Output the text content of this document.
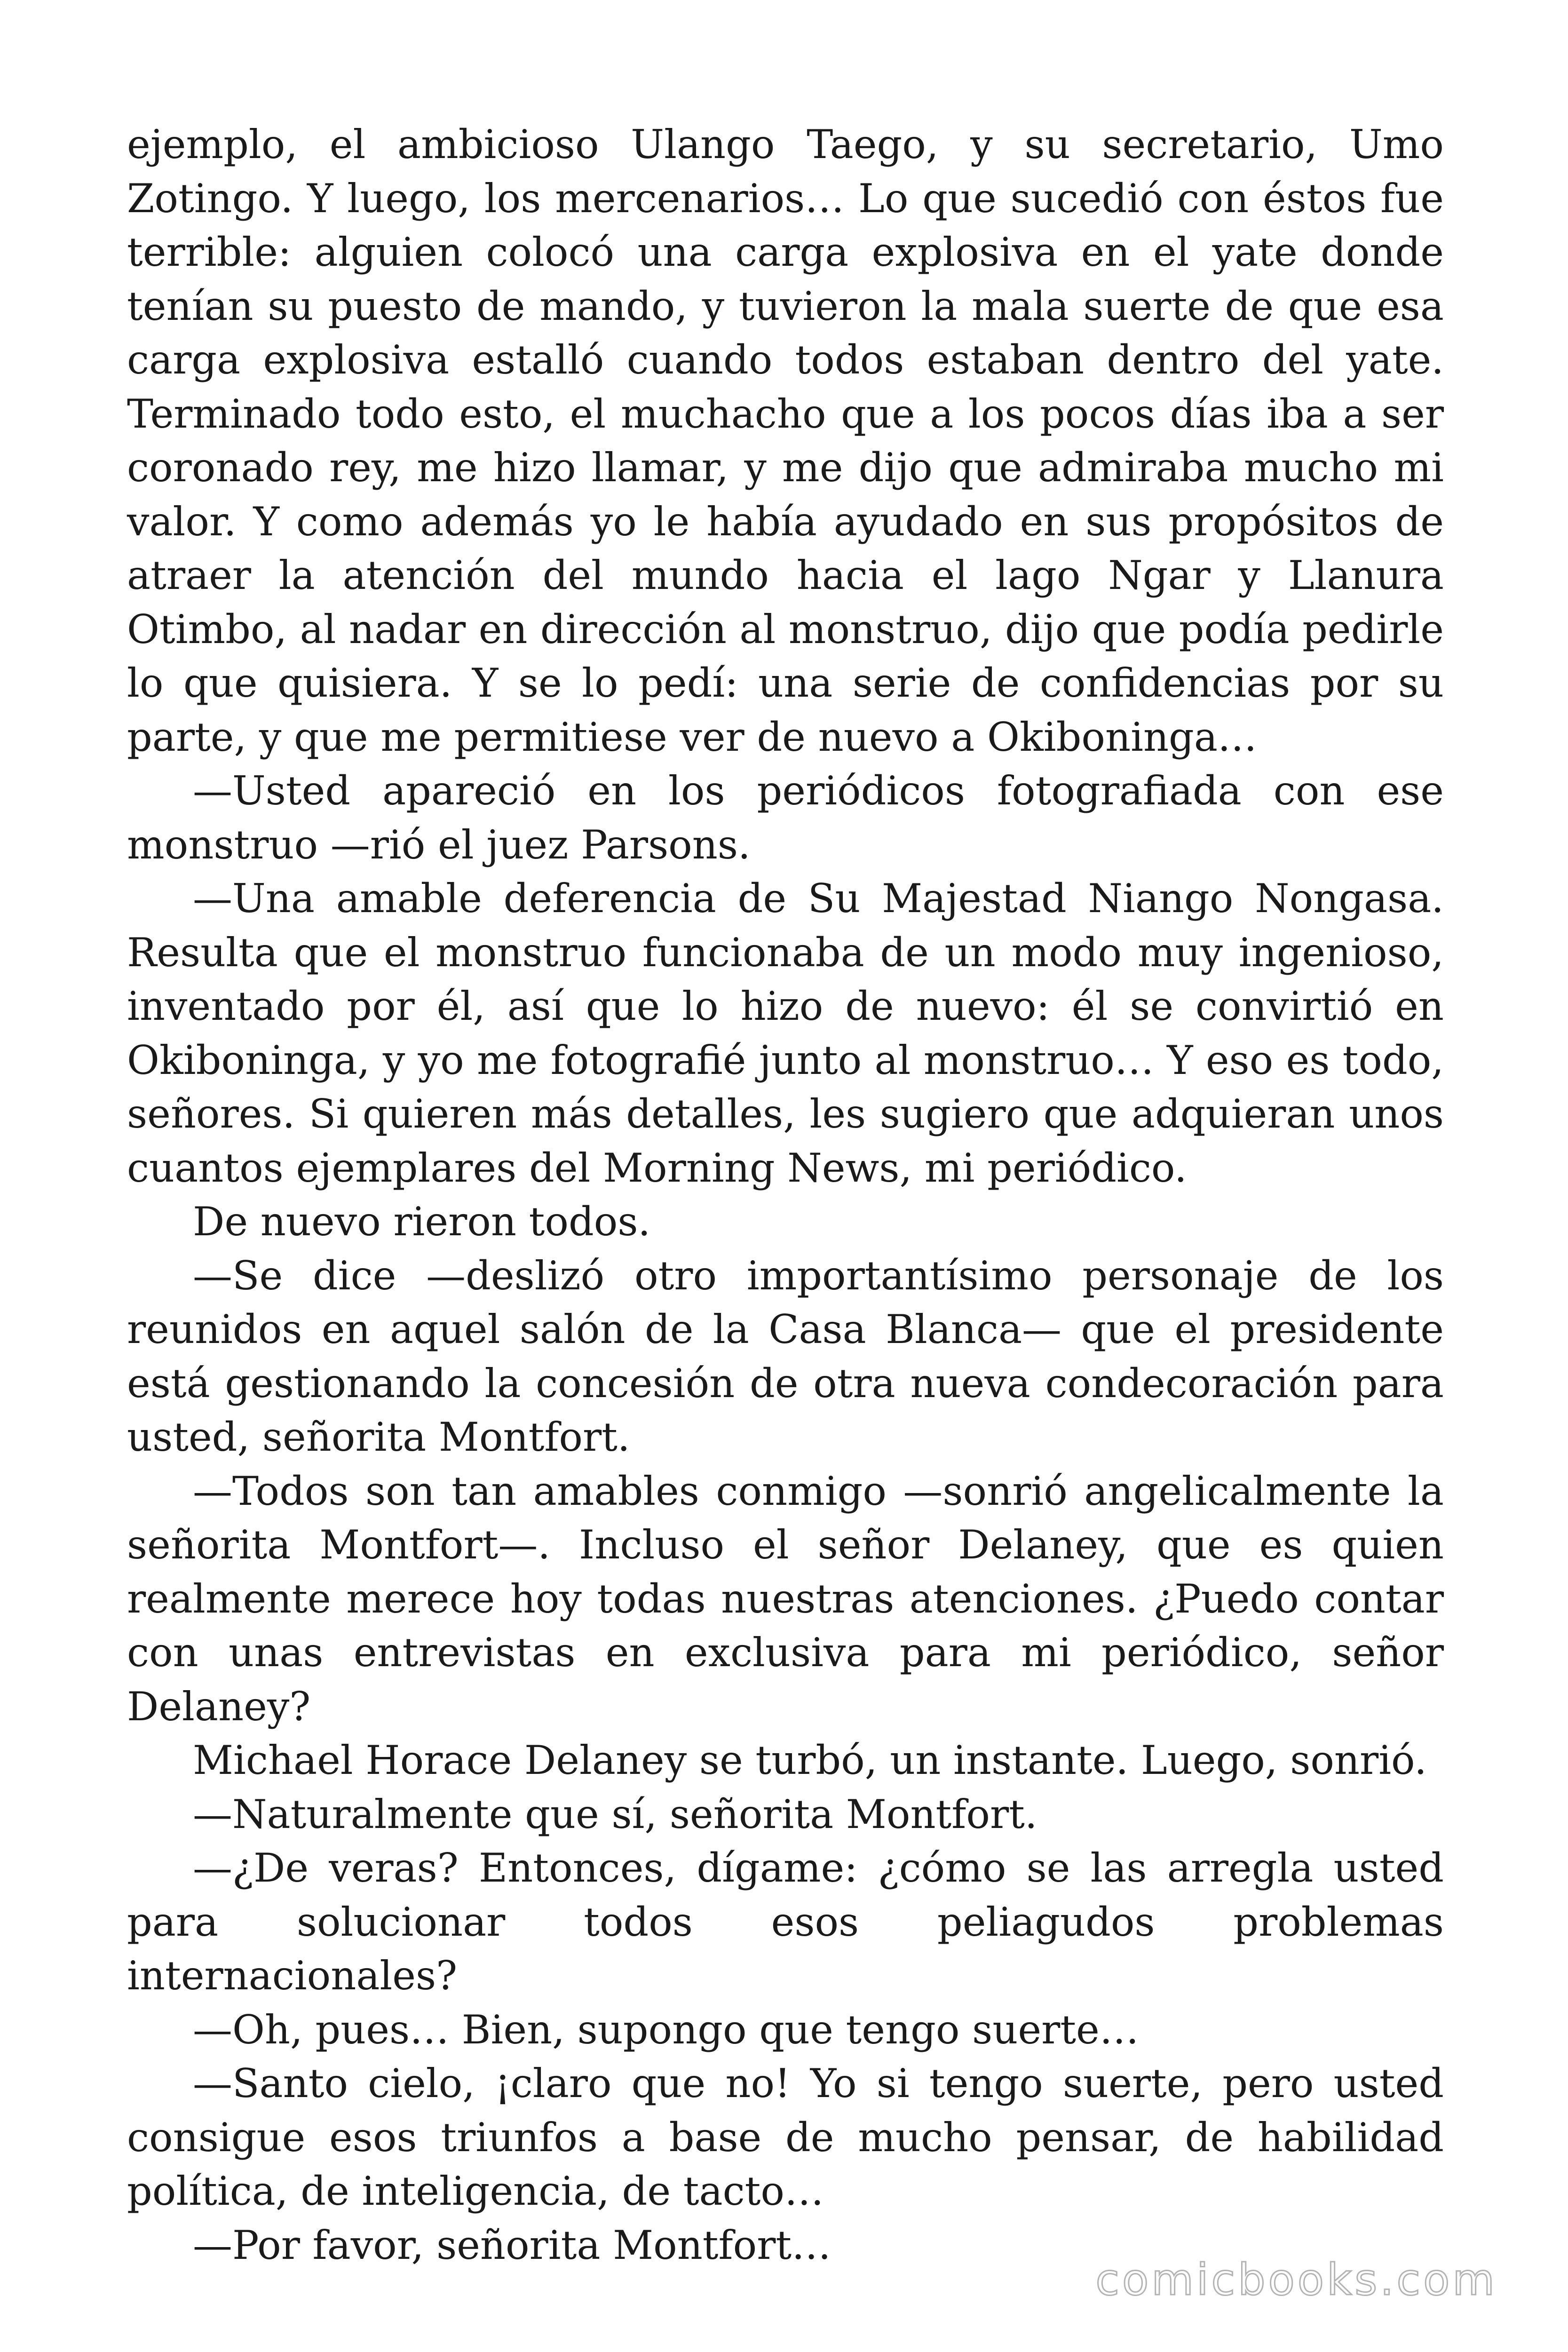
ejemplo, el ambicioso Ulango Taego, y su secretario, Umo Zotingo. Y luego, los mercenarios… Lo que sucedió con éstos fue terrible: alguien colocó una carga explosiva en el yate donde tenían su puesto de mando, y tuvieron la mala suerte de que esa carga explosiva estalló cuando todos estaban dentro del yate. Terminado todo esto, el muchacho que a los pocos días iba a ser coronado rey, me hizo llamar, y me dijo que admiraba mucho mi valor. Y como además yo le había ayudado en sus propósitos de atraer la atención del mundo hacia el lago Ngar y Llanura Otimbo, al nadar en dirección al monstruo, dijo que podía pedirle lo que quisiera. Y se lo pedí: una serie de confidencias por su parte, y que me permitiese ver de nuevo a Okiboninga…

—Usted apareció en los periódicos fotografiada con ese monstruo —rió el juez Parsons.

—Una amable deferencia de Su Majestad Niango Nongasa. Resulta que el monstruo funcionaba de un modo muy ingenioso, inventado por él, así que lo hizo de nuevo: él se convirtió en Okiboninga, y yo me fotografié junto al monstruo… Y eso es todo, señores. Si quieren más detalles, les sugiero que adquieran unos cuantos ejemplares del Morning News, mi periódico.

De nuevo rieron todos.

—Se dice —deslizó otro importantísimo personaje de los reunidos en aquel salón de la Casa Blanca— que el presidente está gestionando la concesión de otra nueva condecoración para usted, señorita Montfort.

—Todos son tan amables conmigo —sonrió angelicalmente la señorita Montfort—. Incluso el señor Delaney, que es quien realmente merece hoy todas nuestras atenciones. ¿Puedo contar con unas entrevistas en exclusiva para mi periódico, señor Delaney?

Michael Horace Delaney se turbó, un instante. Luego, sonrió.

—Naturalmente que sí, señorita Montfort.

—¿De veras? Entonces, dígame: ¿cómo se las arregla usted para solucionar todos esos peliagudos problemas internacionales?

—Oh, pues… Bien, supongo que tengo suerte…

—Santo cielo, ¡claro que no! Yo si tengo suerte, pero usted consigue esos triunfos a base de mucho pensar, de habilidad política, de inteligencia, de tacto…

—Por favor, señorita Montfort…

comicbooks.com
